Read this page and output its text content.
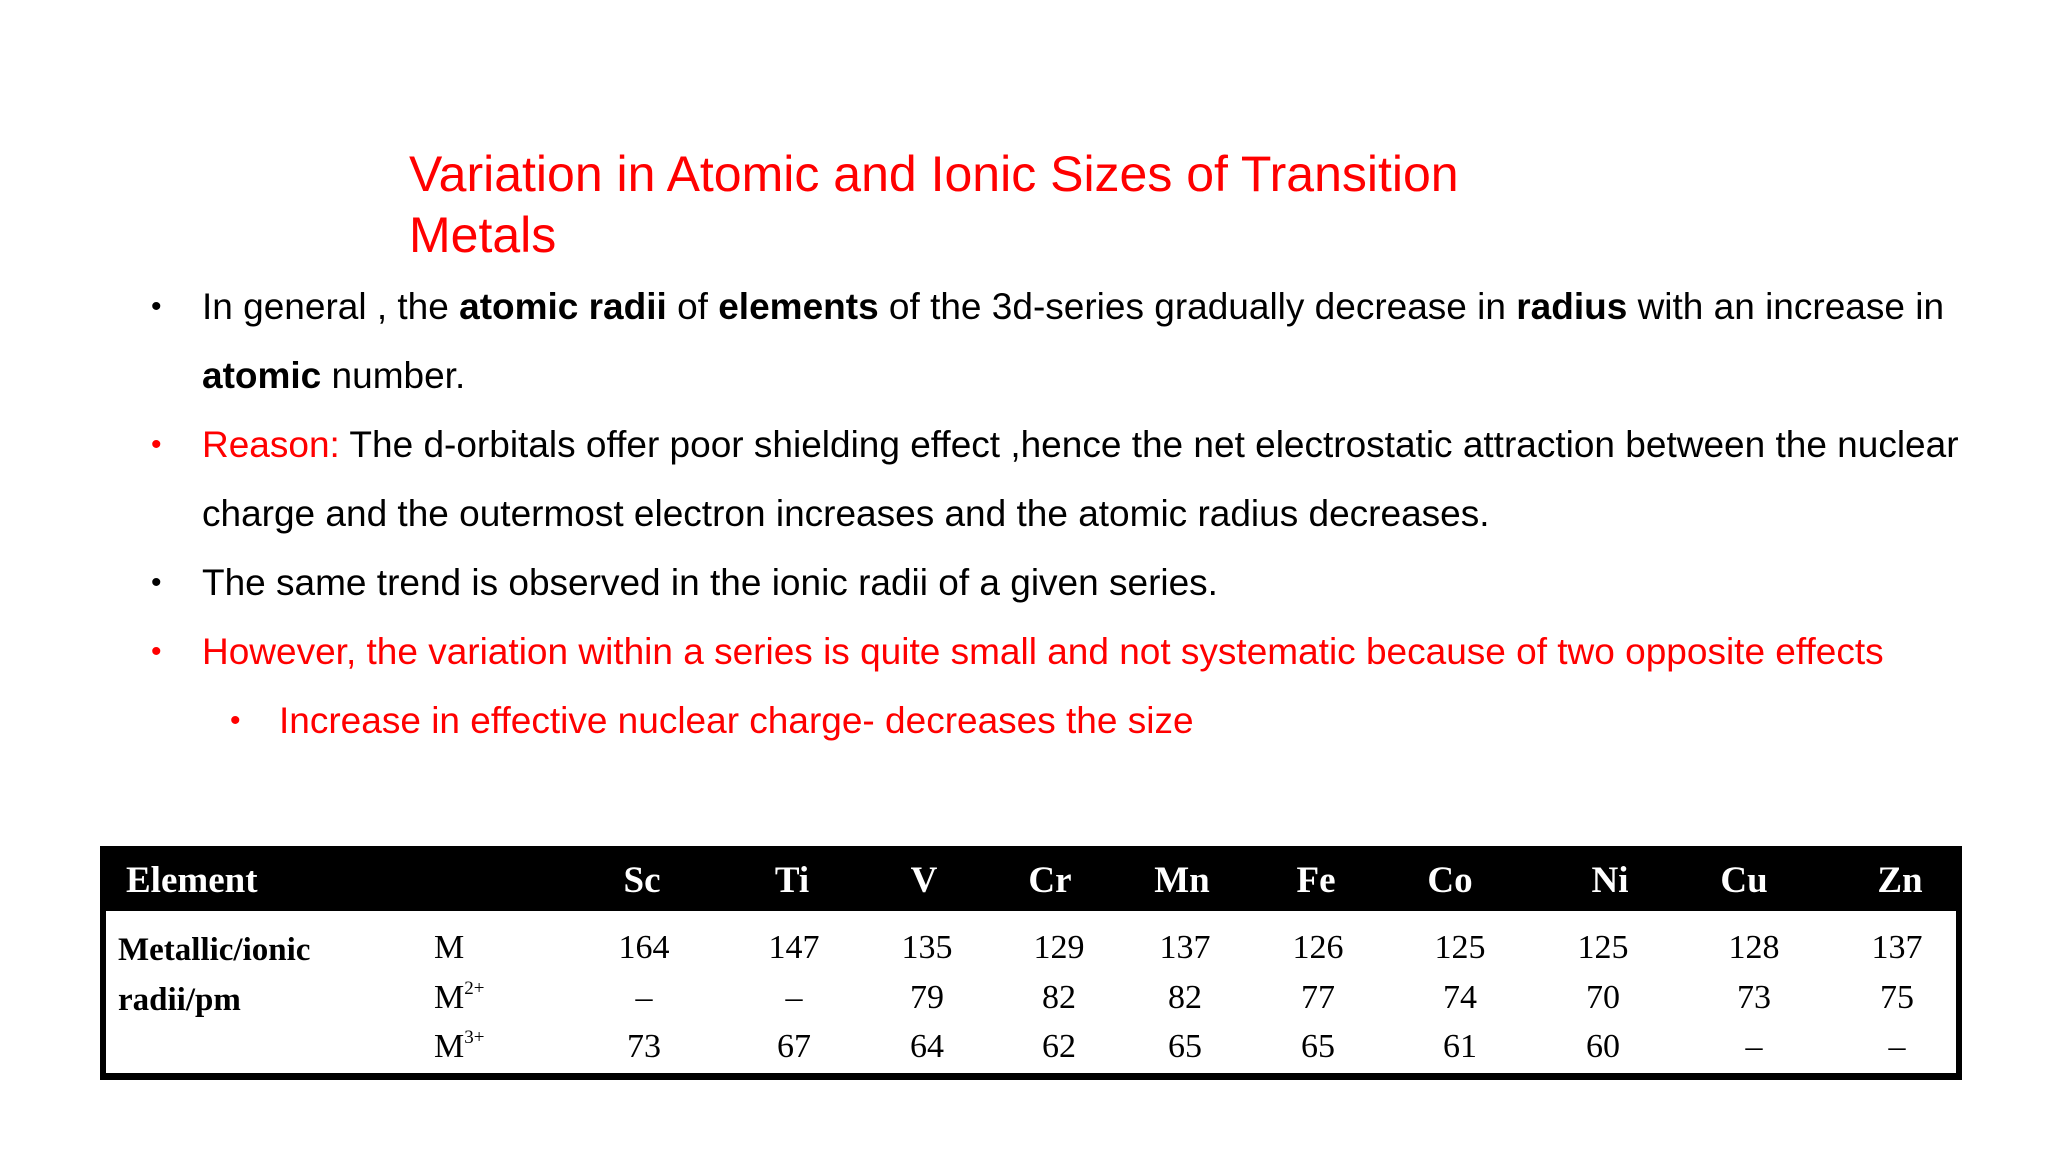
Variation in Atomic and Ionic Sizes of Transition
Metals

• In general , the atomic radii of elements of the 3d-series gradually decrease in radius with an increase in atomic number.

• Reason: The d-orbitals offer poor shielding effect ,hence the net electrostatic attraction between the nuclear charge and the outermost electron increases and the atomic radius decreases.

• The same trend is observed in the ionic radii of a given series.

• However, the variation within a series is quite small and not systematic because of two opposite effects

• Increase in effective nuclear charge- decreases the size

Element	Sc	Ti	V Cr Mn Fe Co	Ni Cu	Zn
Metallic/ionic
radii/pm
M	164	147 135 129 137 126	125	125	128	137
$M^{2+}$	–	–	79	82	82	77	74	70	73	75
$M^{3+}$	73	67	64	62	65	65	61	60	–	–
